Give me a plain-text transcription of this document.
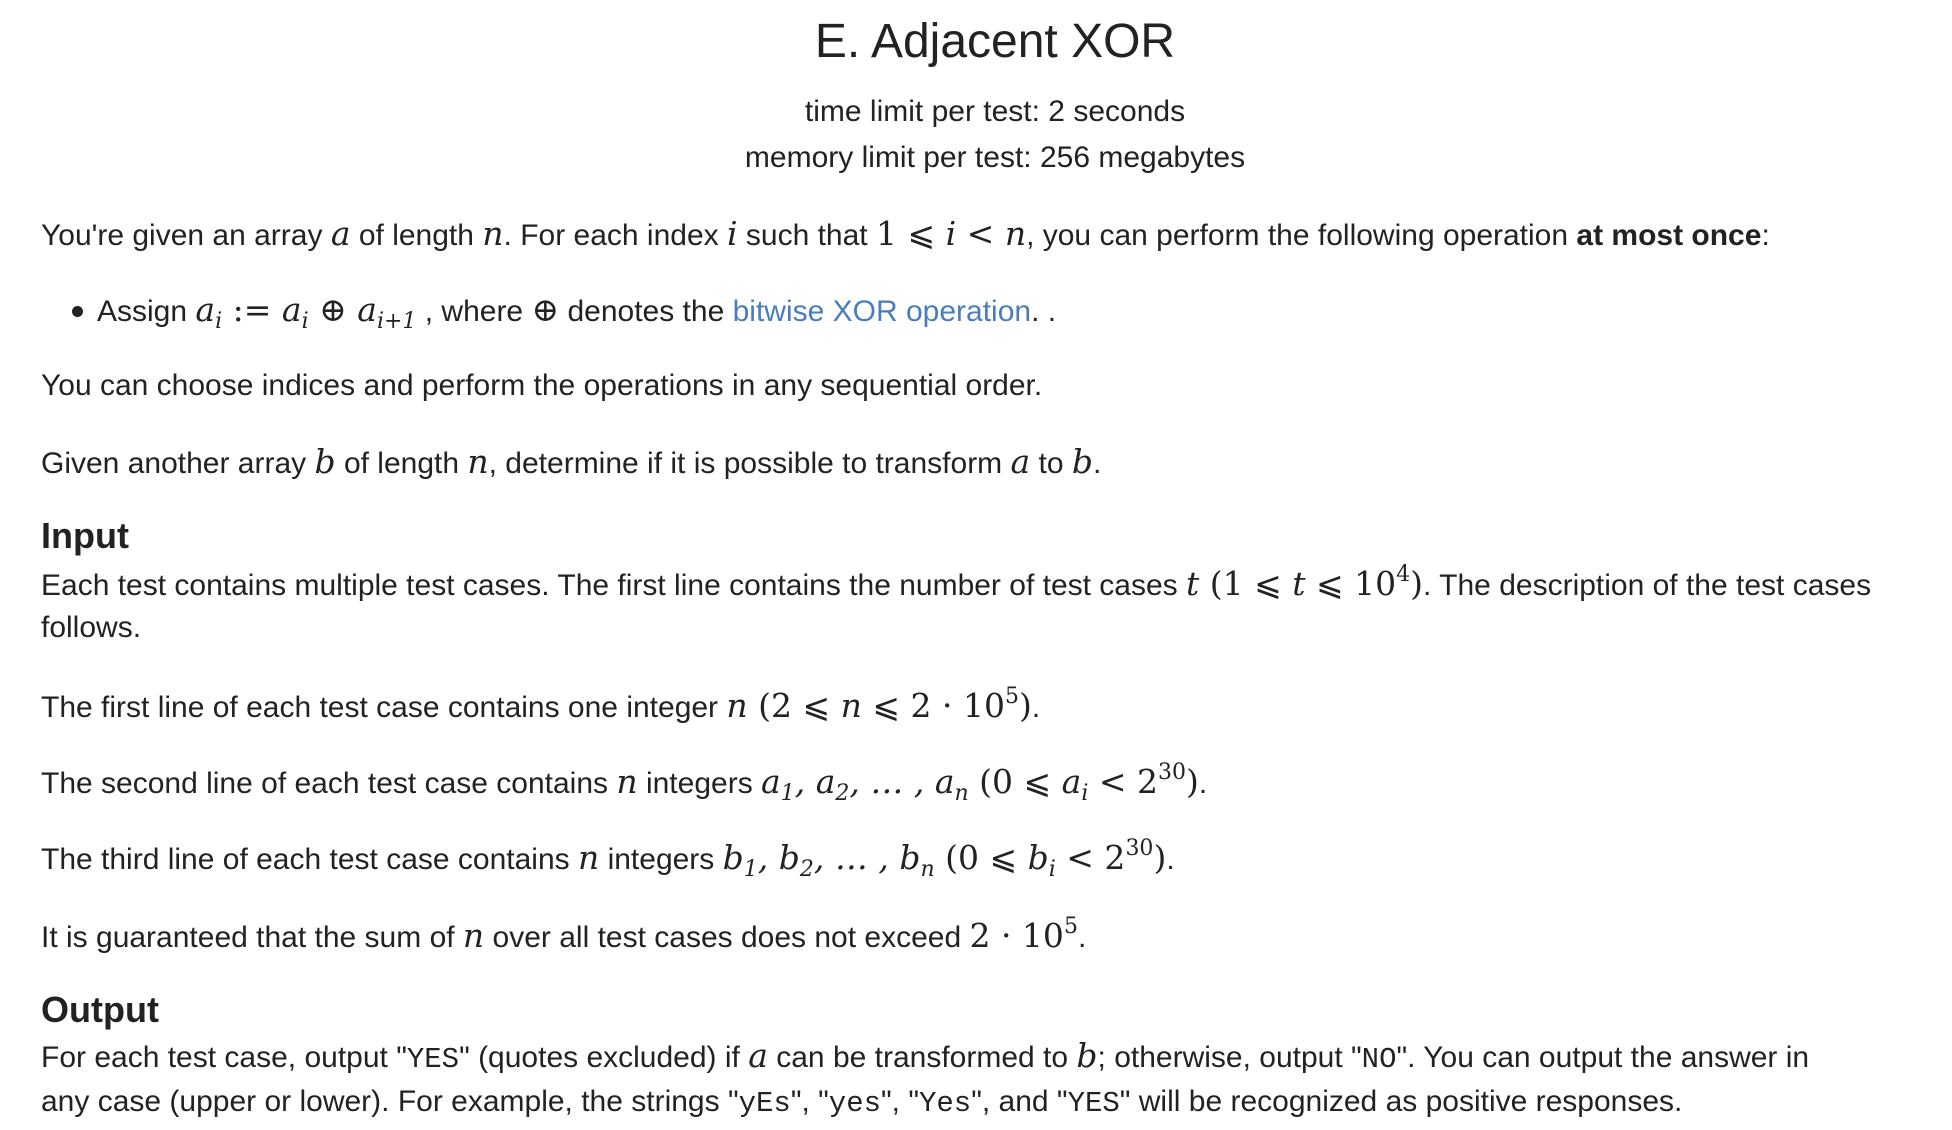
E. Adjacent XOR
time limit per test: 2 seconds
memory limit per test: 256 megabytes
You're given an array a of length n. For each index i such that 1 ⩽ i < n, you can perform the following operation at most once:
Assign $a_i$ := $a_i$ ⊕ $a_{i+1}$ , where ⊕ denotes the bitwise XOR operation. .
You can choose indices and perform the operations in any sequential order.
Given another array b of length n, determine if it is possible to transform a to b.
Input
Each test contains multiple test cases. The first line contains the number of test cases t (1 ⩽ t ⩽ $10^4$). The description of the test cases
follows.
The first line of each test case contains one integer n (2 ⩽ n ⩽ $2 \cdot 10^5$).
The second line of each test case contains n integers $a_1$, $a_2$, … , $a_n$ (0 ⩽ $a_i < 2^{30}$).
The third line of each test case contains n integers $b_1$, $b_2$, … , $b_n$ (0 ⩽ $b_i < 2^{30}$).
It is guaranteed that the sum of n over all test cases does not exceed $2 \cdot 10^5$.
Output
For each test case, output "YES" (quotes excluded) if a can be transformed to b; otherwise, output "NO". You can output the answer in
any case (upper or lower). For example, the strings "yEs", "yes", "Yes", and "YES" will be recognized as positive responses.
